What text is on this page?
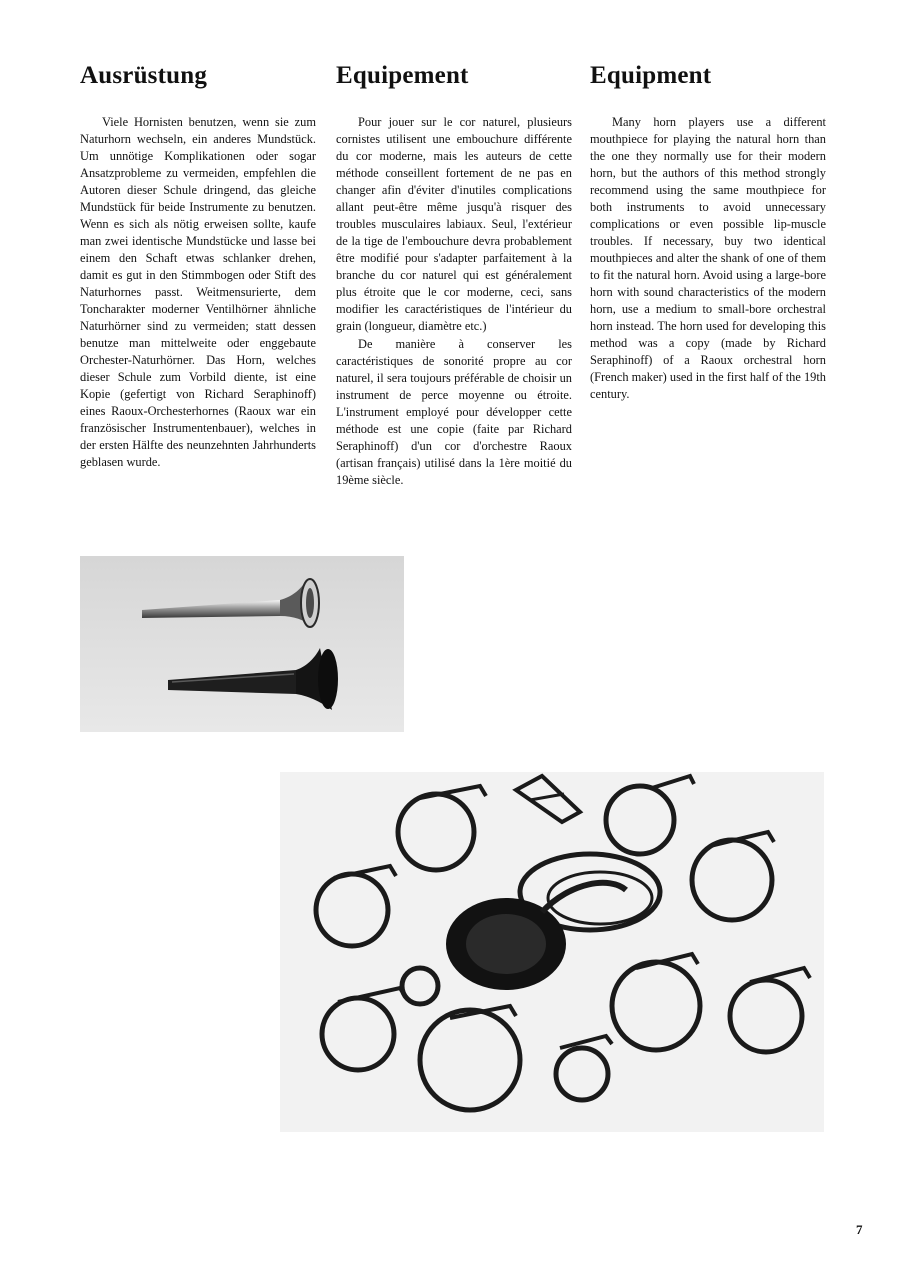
Ausrüstung

Viele Hornisten benutzen, wenn sie zum Naturhorn wechseln, ein anderes Mundstück. Um unnötige Komplikationen oder sogar Ansatzprobleme zu vermeiden, empfehlen die Autoren dieser Schule dringend, das gleiche Mundstück für beide Instrumente zu benutzen. Wenn es sich als nötig erweisen sollte, kaufe man zwei identische Mundstücke und lasse bei einem den Schaft etwas schlanker drehen, damit es gut in den Stimmbogen oder Stift des Naturhornes passt. Weitmensurierte, dem Toncharakter moderner Ventilhörner ähnliche Naturhörner sind zu vermeiden; statt dessen benutze man mittelweite oder enggebaute Orchester-Naturhörner. Das Horn, welches dieser Schule zum Vorbild diente, ist eine Kopie (gefertigt von Richard Seraphinoff) eines Raoux-Orchesterhornes (Raoux war ein französischer Instrumentenbauer), welches in der ersten Hälfte des neunzehnten Jahrhunderts geblasen wurde.

Equipement

Pour jouer sur le cor naturel, plusieurs cornistes utilisent une embouchure différente du cor moderne, mais les auteurs de cette méthode conseillent fortement de ne pas en changer afin d'éviter d'inutiles complications allant peut-être même jusqu'à risquer des troubles musculaires labiaux. Seul, l'extérieur de la tige de l'embouchure devra probablement être modifié pour s'adapter parfaitement à la branche du cor naturel qui est généralement plus étroite que le cor moderne, ceci, sans modifier les caractéristiques de l'intérieur du grain (longueur, diamètre etc.)

De manière à conserver les caractéristiques de sonorité propre au cor naturel, il sera toujours préférable de choisir un instrument de perce moyenne ou étroite. L'instrument employé pour développer cette méthode est une copie (faite par Richard Seraphinoff) d'un cor d'orchestre Raoux (artisan français) utilisé dans la 1ère moitié du 19ème siècle.

Equipment

Many horn players use a different mouthpiece for playing the natural horn than the one they normally use for their modern horn, but the authors of this method strongly recommend using the same mouthpiece for both instruments to avoid unnecessary complications or even possible lip-muscle troubles. If necessary, buy two identical mouthpieces and alter the shank of one of them to fit the natural horn. Avoid using a large-bore horn with sound characteristics of the modern horn, use a medium to small-bore orchestral horn instead. The horn used for developing this method was a copy (made by Richard Seraphinoff) of a Raoux orchestral horn (French maker) used in the first half of the 19th century.

7
